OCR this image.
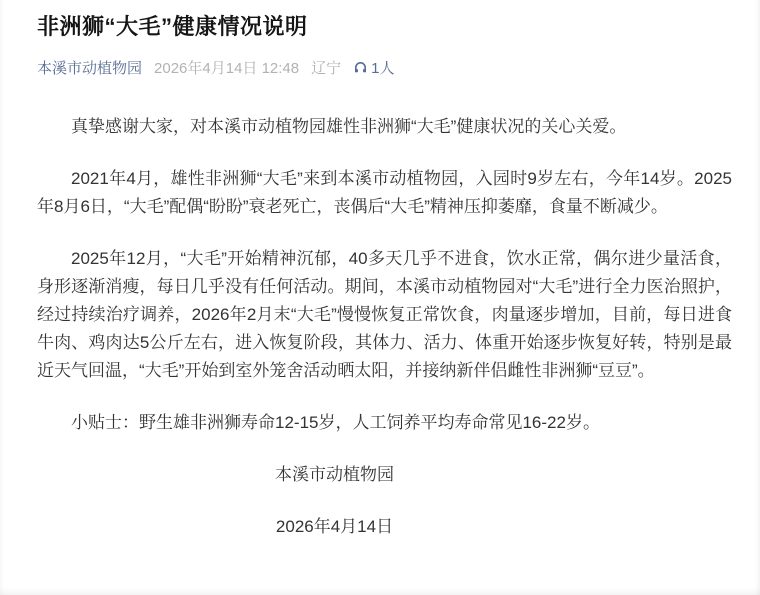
非洲狮“大毛”健康情况说明
本溪市动植物园 2026年4月14日 12:48 辽宁 1人

真挚感谢大家，对本溪市动植物园雄性非洲狮“大毛”健康状况的关心关爱。

2021年4月，雄性非洲狮“大毛”来到本溪市动植物园，入园时9岁左右，今年14岁。2025年8月6日，“大毛”配偶“盼盼”衰老死亡，丧偶后“大毛”精神压抑萎靡，食量不断减少。

2025年12月，“大毛”开始精神沉郁，40多天几乎不进食，饮水正常，偶尔进少量活食，身形逐渐消瘦，每日几乎没有任何活动。期间，本溪市动植物园对“大毛”进行全力医治照护，经过持续治疗调养，2026年2月末“大毛”慢慢恢复正常饮食，肉量逐步增加，目前，每日进食牛肉、鸡肉达5公斤左右，进入恢复阶段，其体力、活力、体重开始逐步恢复好转，特别是最近天气回温，“大毛”开始到室外笼舍活动晒太阳，并接纳新伴侣雌性非洲狮“豆豆”。

小贴士：野生雄非洲狮寿命12-15岁，人工饲养平均寿命常见16-22岁。

本溪市动植物园

2026年4月14日
